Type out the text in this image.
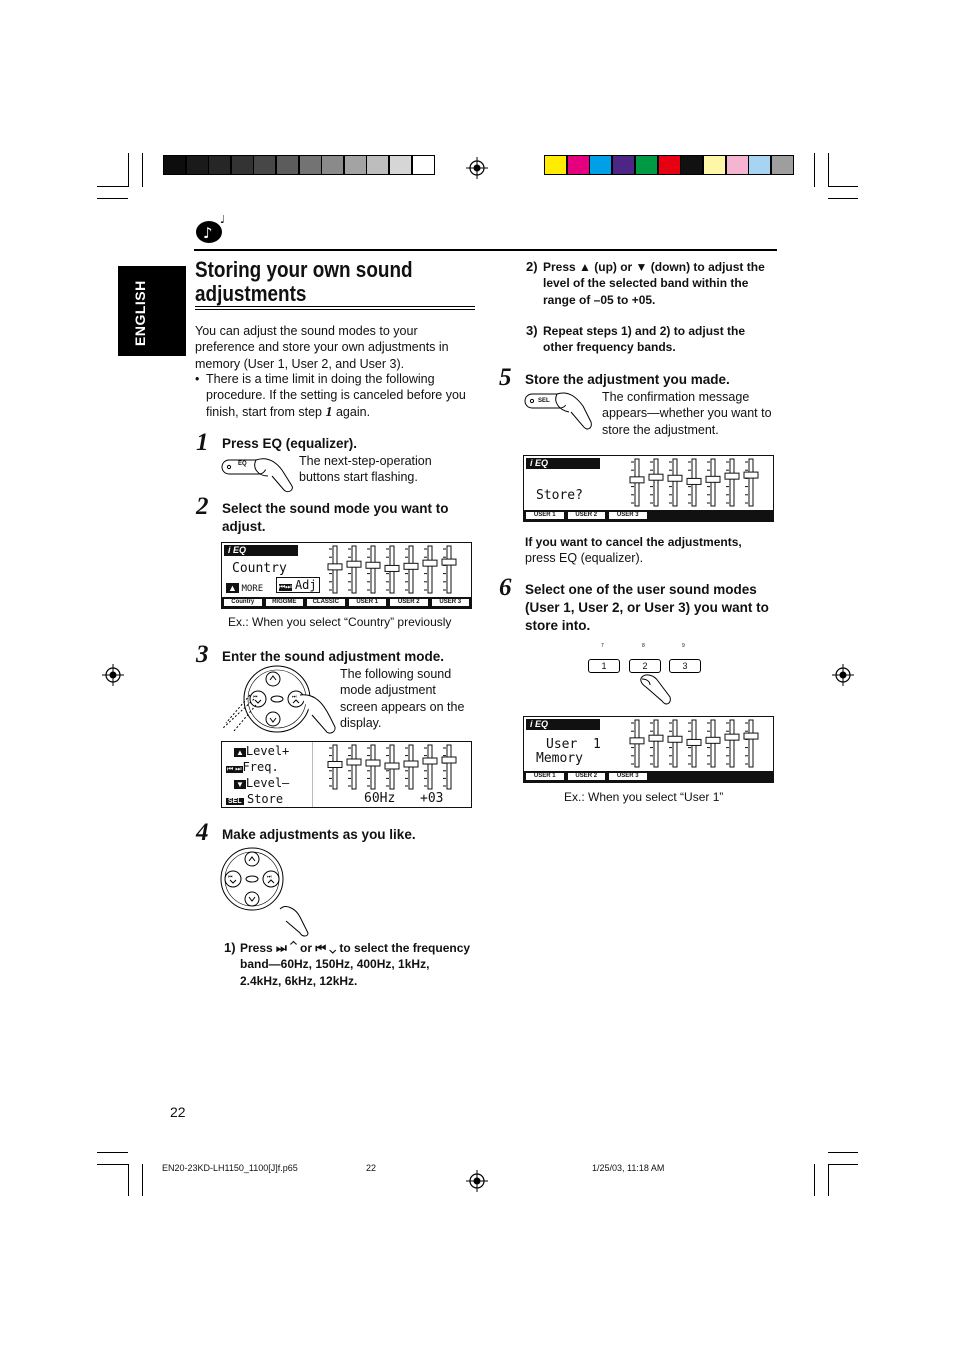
ENGLISH
♪
♩
Storing your own sound
adjustments
You can adjust the sound modes to your preference and store your own adjustments in memory (User 1, User 2, and User 3).
• There is a time limit in doing the following procedure. If the setting is canceled before you finish, start from step 1 again.
1 Press EQ (equalizer).
EQ	The next-step-operation buttons start flashing.
2 Select the sound mode you want to adjust.
i EQ
Country
▲ MORE	⏮⏭ Adj
Country	RIGGME	CLASSIC	USER 1	USER 2	USER 3
Ex.: When you select “Country” previously
3 Enter the sound adjustment mode.
⏮	⏭
The following sound mode adjustment screen appears on the display.
▲ Level+
⏮ ⏭Freq.
▼ Level–
SEL Store	60Hz +03
4 Make adjustments as you like.
⏮	⏭
1) Press ⏭ ⌃ or ⏮ ⌄ to select the frequency band—60Hz, 150Hz, 400Hz, 1kHz, 2.4kHz, 6kHz, 12kHz.
22
2) Press ▲ (up) or ▼ (down) to adjust the level of the selected band within the range of –05 to +05.
3) Repeat steps 1) and 2) to adjust the other frequency bands.
5 Store the adjustment you made.
SEL	The confirmation message appears—whether you want to store the adjustment.
i EQ
Store?
USER 1	USER 2	USER 3
If you want to cancel the adjustments,
press EQ (equalizer).
6 Select one of the user sound modes (User 1, User 2, or User 3) you want to store into.
1	2	3
7	8	9
i EQ
User  1
Memory
USER 1	USER 2	USER 3
Ex.: When you select “User 1”
EN20-23KD-LH1150_1100[J]f.p65	22	1/25/03, 11:18 AM
